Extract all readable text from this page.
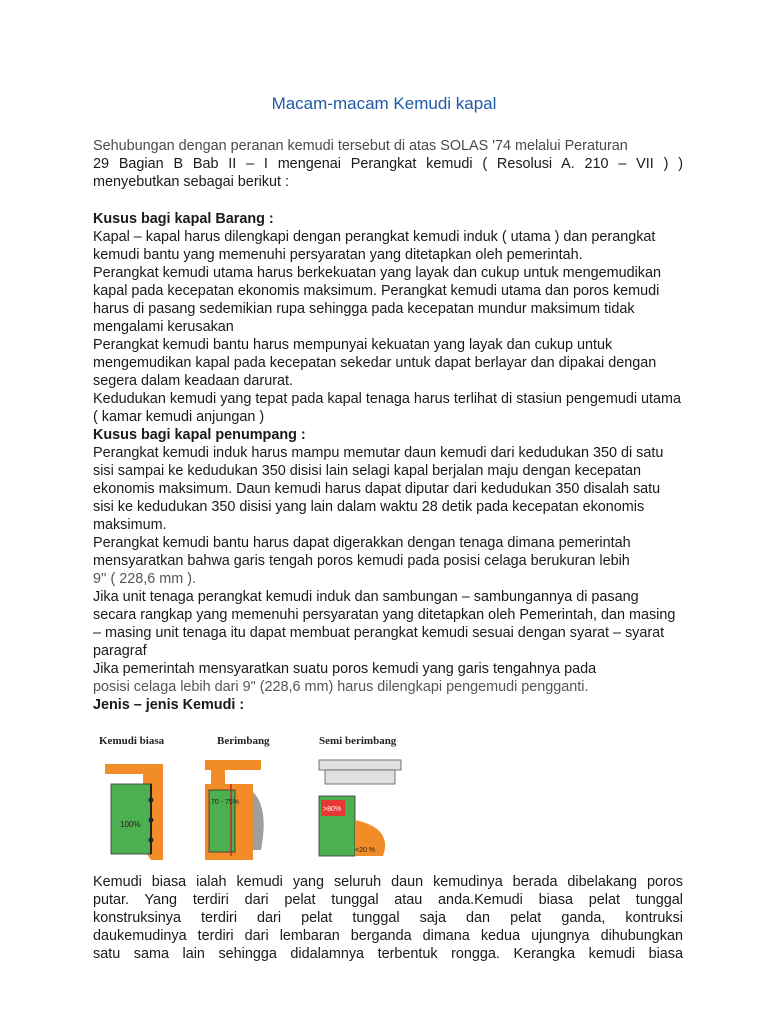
Macam-macam Kemudi kapal
Sehubungan dengan peranan kemudi tersebut di atas SOLAS '74 melalui Peraturan
29 Bagian B Bab II – I mengenai Perangkat kemudi ( Resolusi A. 210 – VII ) )
menyebutkan sebagai berikut :
Kusus bagi kapal Barang :
Kapal – kapal harus dilengkapi dengan perangkat kemudi induk ( utama ) dan perangkat kemudi bantu yang memenuhi persyaratan yang ditetapkan oleh pemerintah.
Perangkat kemudi utama harus berkekuatan yang layak dan cukup untuk mengemudikan kapal pada kecepatan ekonomis maksimum. Perangkat kemudi utama dan poros kemudi harus di pasang sedemikian rupa sehingga pada kecepatan mundur maksimum tidak mengalami kerusakan
Perangkat kemudi bantu harus mempunyai kekuatan yang layak dan cukup untuk mengemudikan kapal pada kecepatan sekedar untuk dapat berlayar dan dipakai dengan segera dalam keadaan darurat.
Kedudukan kemudi yang tepat pada kapal tenaga harus terlihat di stasiun pengemudi utama ( kamar kemudi anjungan )
Kusus bagi kapal penumpang :
Perangkat kemudi induk harus mampu memutar daun kemudi dari kedudukan 350 di satu sisi sampai ke kedudukan 350 disisi lain selagi kapal berjalan maju dengan kecepatan ekonomis maksimum. Daun kemudi harus dapat diputar dari kedudukan 350 disalah satu sisi ke kedudukan 350 disisi yang lain dalam waktu 28 detik pada kecepatan ekonomis maksimum.
Perangkat kemudi bantu harus dapat digerakkan dengan tenaga dimana pemerintah mensyaratkan bahwa garis tengah poros kemudi pada posisi celaga berukuran lebih
9'' ( 228,6 mm ).
Jika unit tenaga perangkat kemudi induk dan sambungan – sambungannya di pasang secara rangkap yang memenuhi persyaratan yang ditetapkan oleh Pemerintah, dan masing – masing unit tenaga itu dapat membuat perangkat kemudi sesuai dengan syarat – syarat paragraf
Jika pemerintah mensyaratkan suatu poros kemudi yang garis tengahnya pada
posisi celaga lebih dari 9" (228,6 mm) harus dilengkapi pengemudi pengganti.
Jenis – jenis Kemudi :
Kemudi biasa	Berimbang	Semi berimbang
100%
70 - 75%
>80%
<20 %
Kemudi biasa ialah kemudi yang seluruh daun kemudinya berada dibelakang poros
putar. Yang terdiri dari pelat tunggal atau anda.Kemudi biasa pelat tunggal
konstruksinya terdiri dari pelat tunggal saja dan pelat ganda, kontruksi
daukemudinya terdiri dari lembaran berganda dimana kedua ujungnya dihubungkan
satu sama lain sehingga didalamnya terbentuk rongga. Kerangka kemudi biasa
